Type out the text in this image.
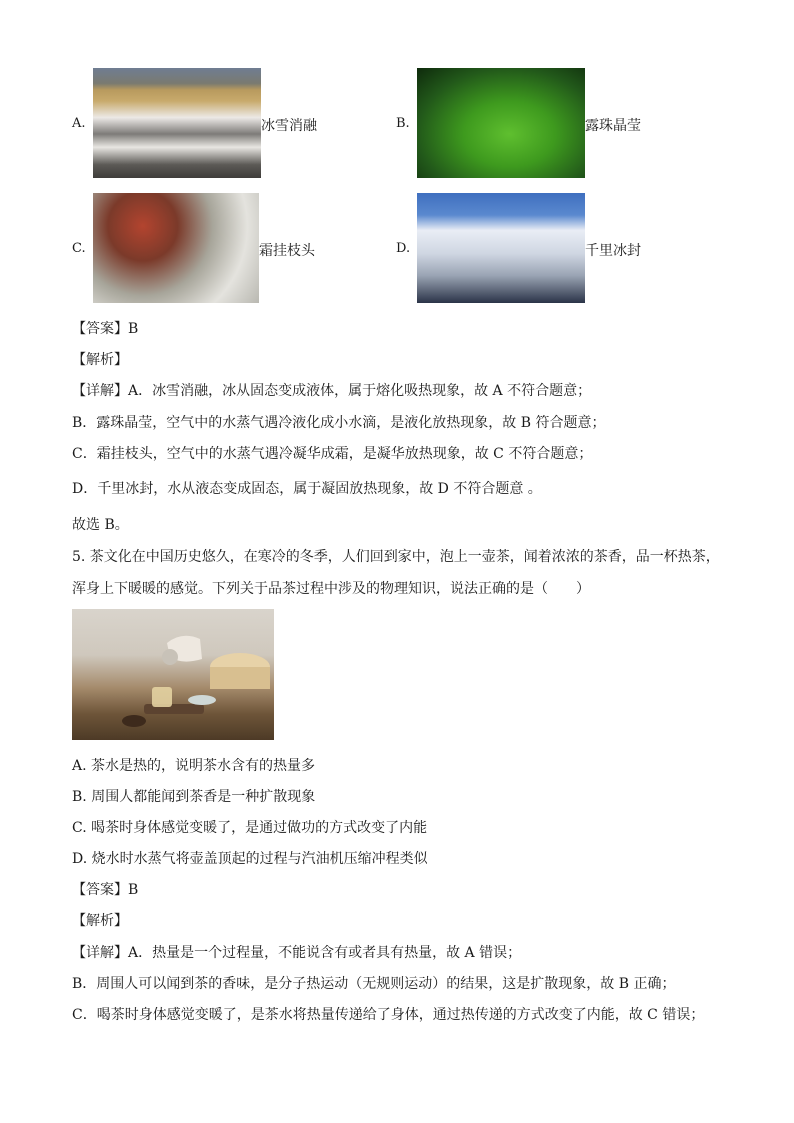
A.	冰雪消融	B.	露珠晶莹
C.	霜挂枝头	D.	千里冰封
【答案】B
【解析】
【详解】A．冰雪消融，冰从固态变成液体，属于熔化吸热现象，故 A 不符合题意；
B．露珠晶莹，空气中的水蒸气遇冷液化成小水滴，是液化放热现象，故 B 符合题意；
C．霜挂枝头，空气中的水蒸气遇冷凝华成霜，是凝华放热现象，故 C 不符合题意；
D．千里冰封，水从液态变成固态，属于凝固放热现象，故 D 不符合题意 。
故选 B。
5. 茶文化在中国历史悠久，在寒冷的冬季，人们回到家中，泡上一壶茶，闻着浓浓的茶香，品一杯热茶，
浑身上下暖暖的感觉。下列关于品茶过程中涉及的物理知识，说法正确的是（　　）
A. 茶水是热的，说明茶水含有的热量多
B. 周围人都能闻到茶香是一种扩散现象
C. 喝茶时身体感觉变暖了，是通过做功的方式改变了内能
D. 烧水时水蒸气将壶盖顶起的过程与汽油机压缩冲程类似
【答案】B
【解析】
【详解】A．热量是一个过程量，不能说含有或者具有热量，故 A 错误；
B．周围人可以闻到茶的香味，是分子热运动（无规则运动）的结果，这是扩散现象，故 B 正确；
C．喝茶时身体感觉变暖了，是茶水将热量传递给了身体，通过热传递的方式改变了内能，故 C 错误；
